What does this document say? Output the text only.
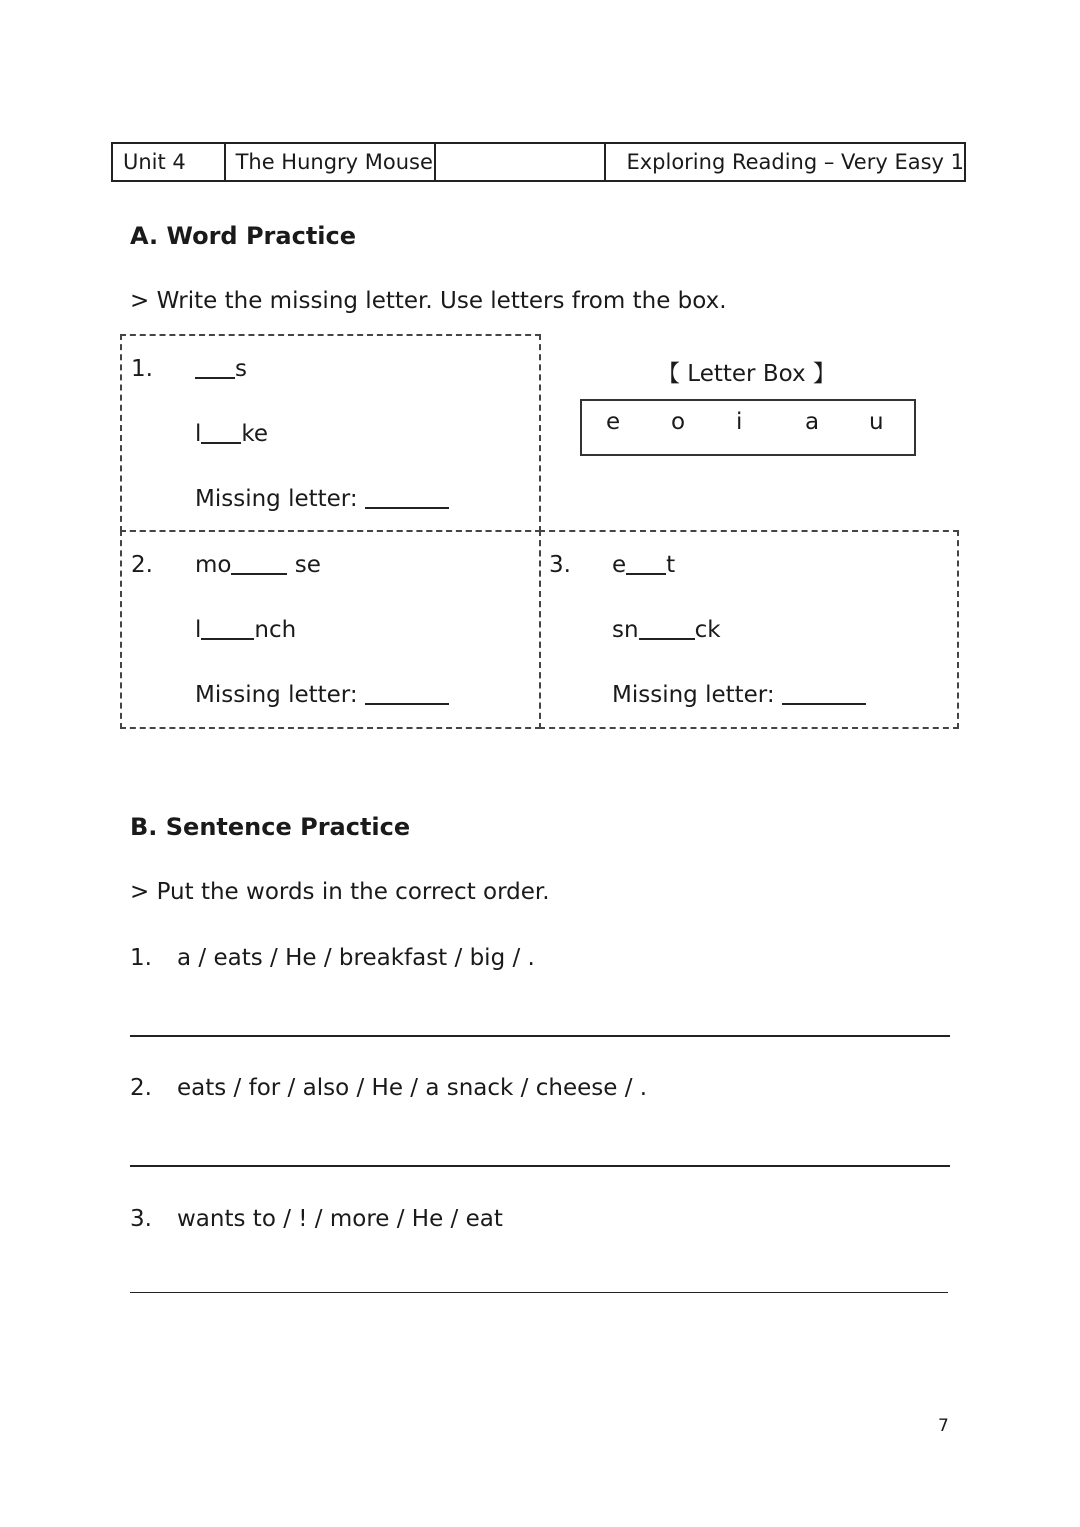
Unit 4	The Hungry Mouse	Exploring Reading – Very Easy 1
A. Word Practice
> Write the missing letter. Use letters from the box.
1.	s
l ke
Missing letter:
【 Letter Box 】
e o i	a u
2. mo se
l nch
Missing letter:
3. e t
sn ck
Missing letter:
B. Sentence Practice
> Put the words in the correct order.
1. a / eats / He / breakfast / big / .
2. eats / for / also / He / a snack / cheese / .
3. wants to / ! / more / He / eat
7
